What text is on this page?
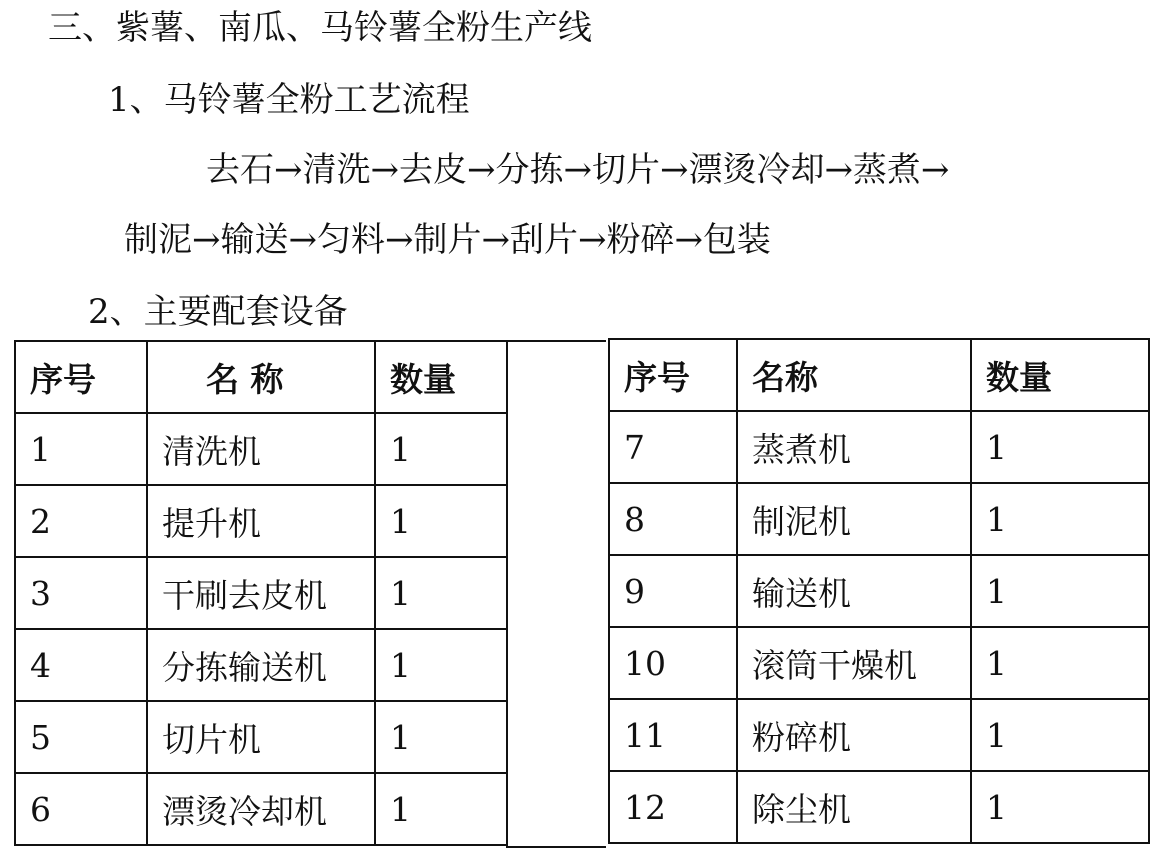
三、紫薯、南瓜、马铃薯全粉生产线
1、马铃薯全粉工艺流程
去石→清洗→去皮→分拣→切片→漂烫冷却→蒸煮→
制泥→输送→匀料→制片→刮片→粉碎→包装
2、主要配套设备
序号	名 称	数量
1	清洗机	1
2	提升机	1
3	干刷去皮机	1
4	分拣输送机	1
5	切片机	1
6	漂烫冷却机	1
序号	名称	数量
7	蒸煮机	1
8	制泥机	1
9	输送机	1
10	滚筒干燥机	1
11	粉碎机	1
12	除尘机	1
